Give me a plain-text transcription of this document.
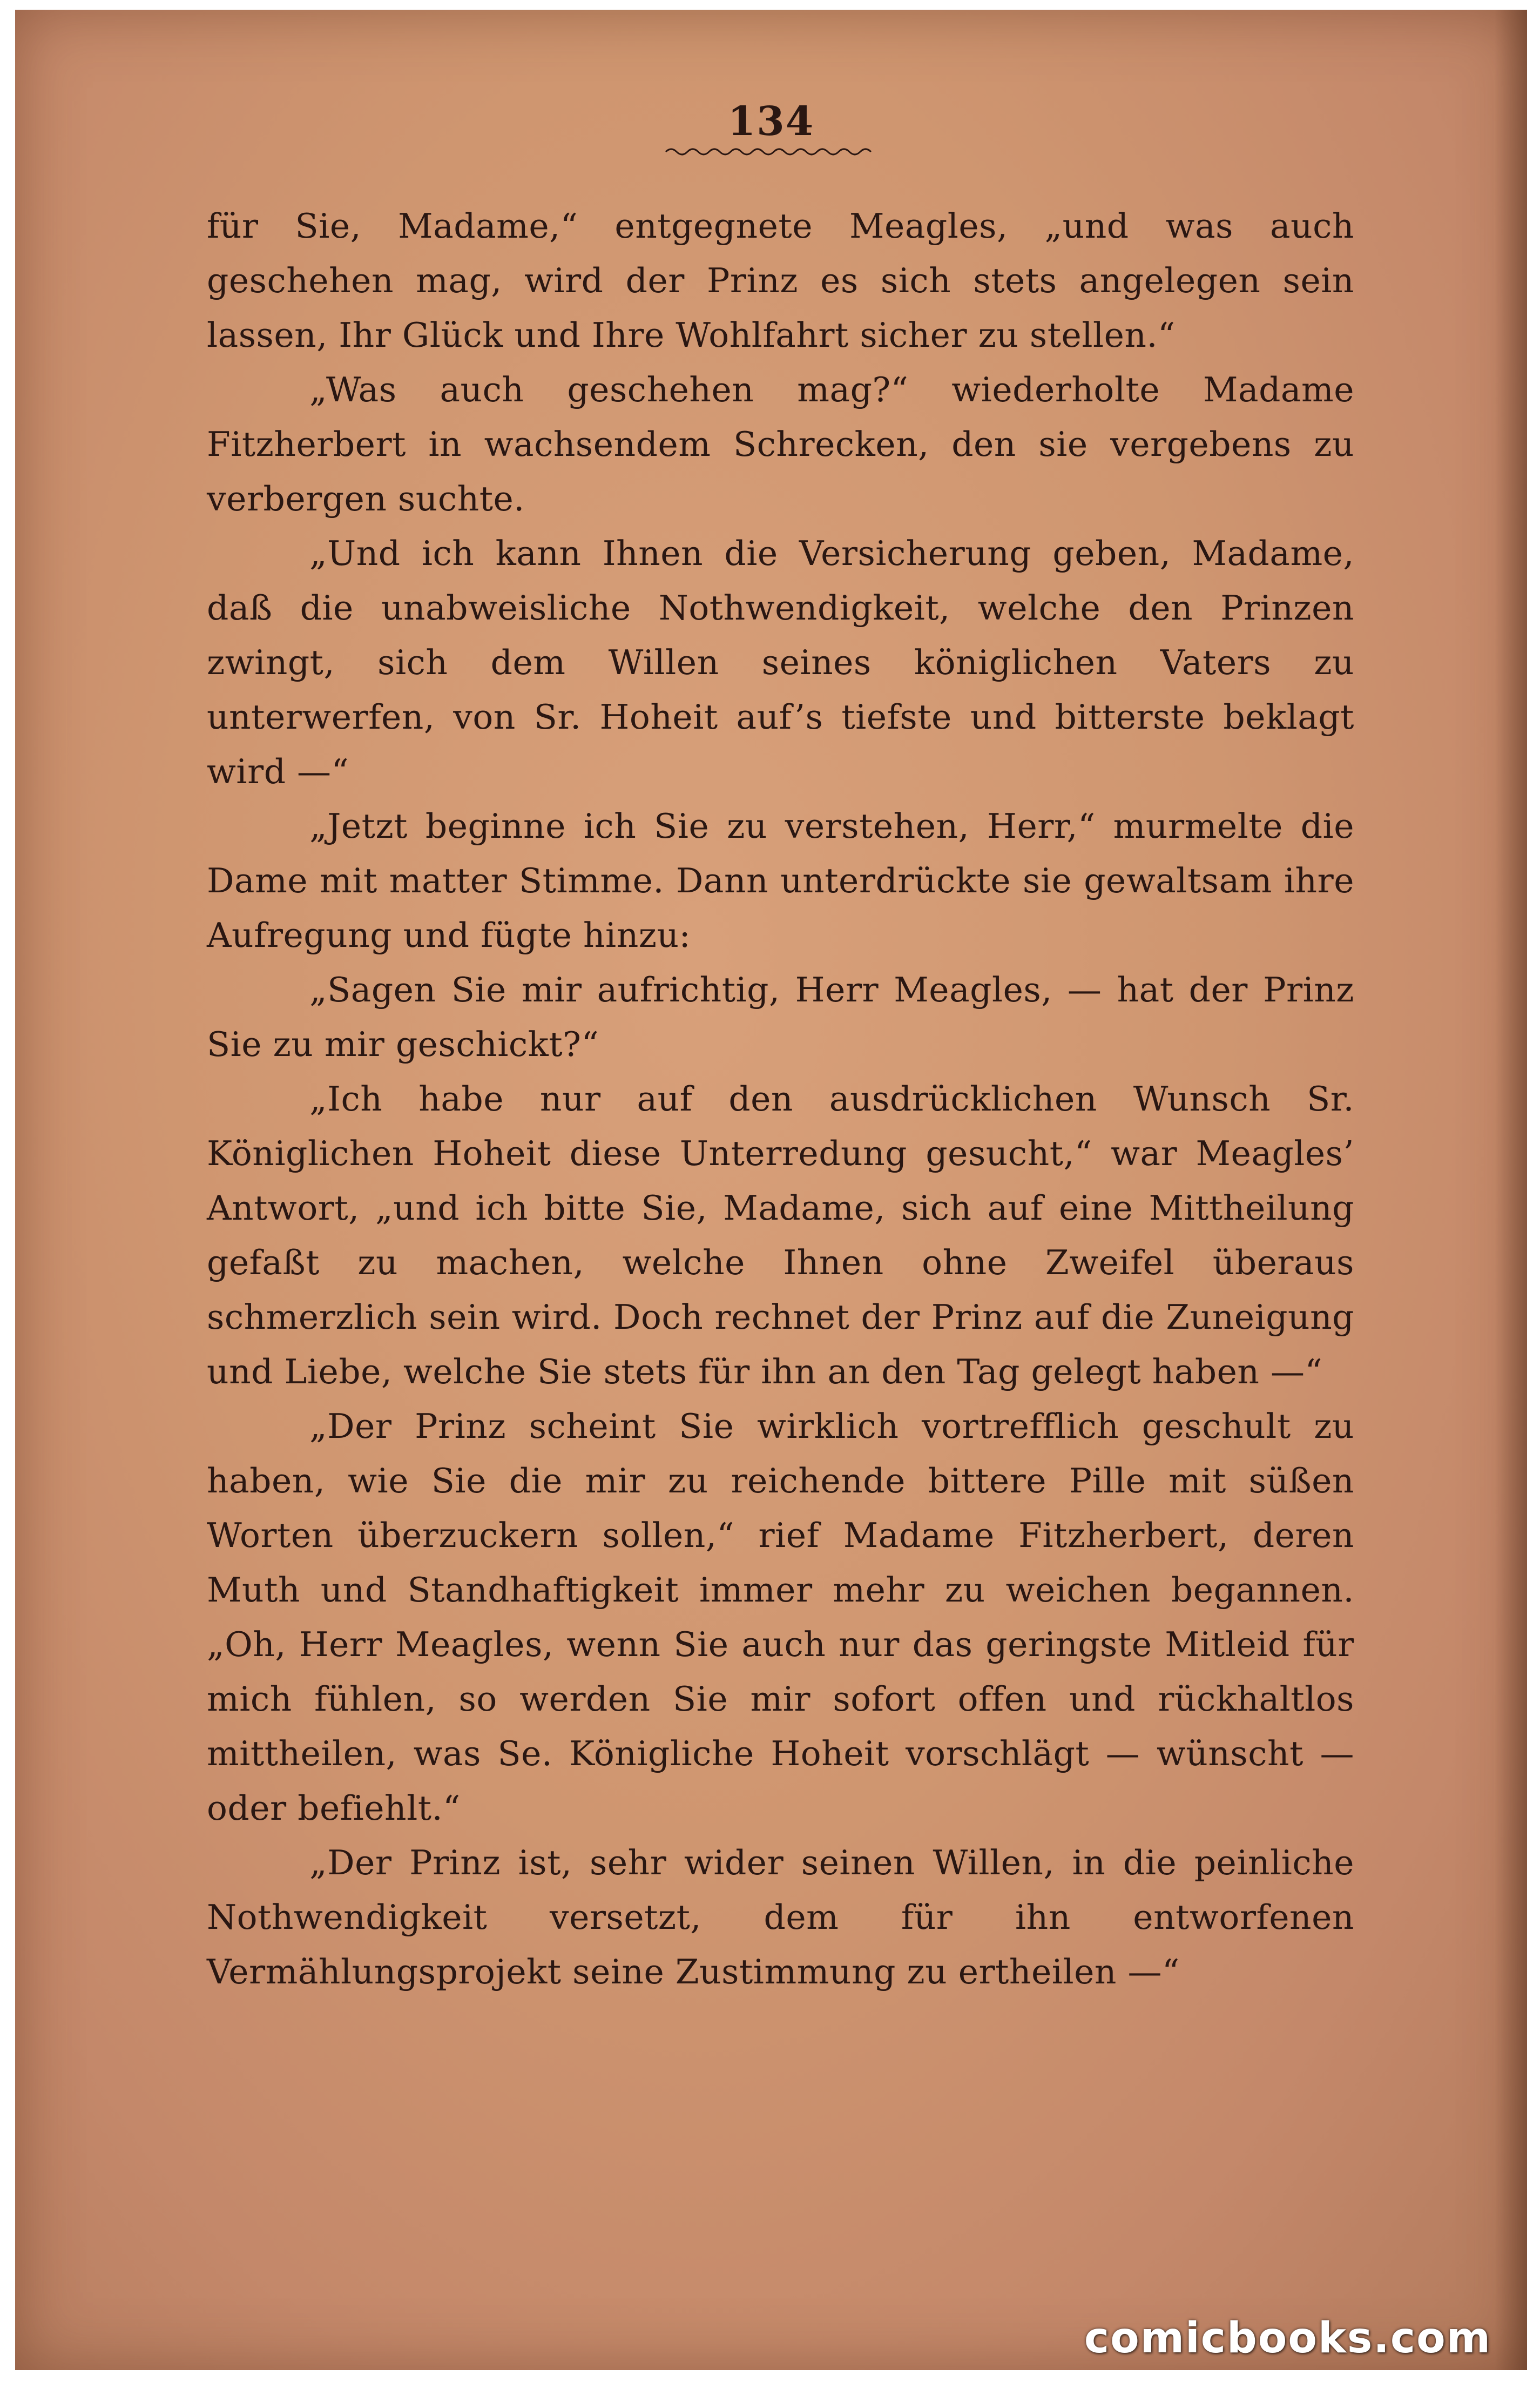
134

für Sie, Madame,“ entgegnete Meagles, „und was auch geschehen mag, wird der Prinz es sich stets angelegen sein lassen, Ihr Glück und Ihre Wohlfahrt sicher zu stellen.“

„Was auch geschehen mag?“ wiederholte Madame Fitzherbert in wachsendem Schrecken, den sie vergebens zu verbergen suchte.

„Und ich kann Ihnen die Versicherung geben, Madame, daß die unabweisliche Nothwendigkeit, welche den Prinzen zwingt, sich dem Willen seines königlichen Vaters zu unterwerfen, von Sr. Hoheit auf’s tiefste und bitterste beklagt wird —“

„Jetzt beginne ich Sie zu verstehen, Herr,“ murmelte die Dame mit matter Stimme. Dann unterdrückte sie gewaltsam ihre Aufregung und fügte hinzu:

„Sagen Sie mir aufrichtig, Herr Meagles, — hat der Prinz Sie zu mir geschickt?“

„Ich habe nur auf den ausdrücklichen Wunsch Sr. Königlichen Hoheit diese Unterredung gesucht,“ war Meagles’ Antwort, „und ich bitte Sie, Madame, sich auf eine Mittheilung gefaßt zu machen, welche Ihnen ohne Zweifel überaus schmerzlich sein wird. Doch rechnet der Prinz auf die Zuneigung und Liebe, welche Sie stets für ihn an den Tag gelegt haben —“

„Der Prinz scheint Sie wirklich vortrefflich geschult zu haben, wie Sie die mir zu reichende bittere Pille mit süßen Worten überzuckern sollen,“ rief Madame Fitzherbert, deren Muth und Standhaftigkeit immer mehr zu weichen begannen. „Oh, Herr Meagles, wenn Sie auch nur das geringste Mitleid für mich fühlen, so werden Sie mir sofort offen und rückhaltlos mittheilen, was Se. Königliche Hoheit vorschlägt — wünscht — oder befiehlt.“

„Der Prinz ist, sehr wider seinen Willen, in die peinliche Nothwendigkeit versetzt, dem für ihn entworfenen Vermählungsprojekt seine Zustimmung zu ertheilen —“

comicbooks.com
